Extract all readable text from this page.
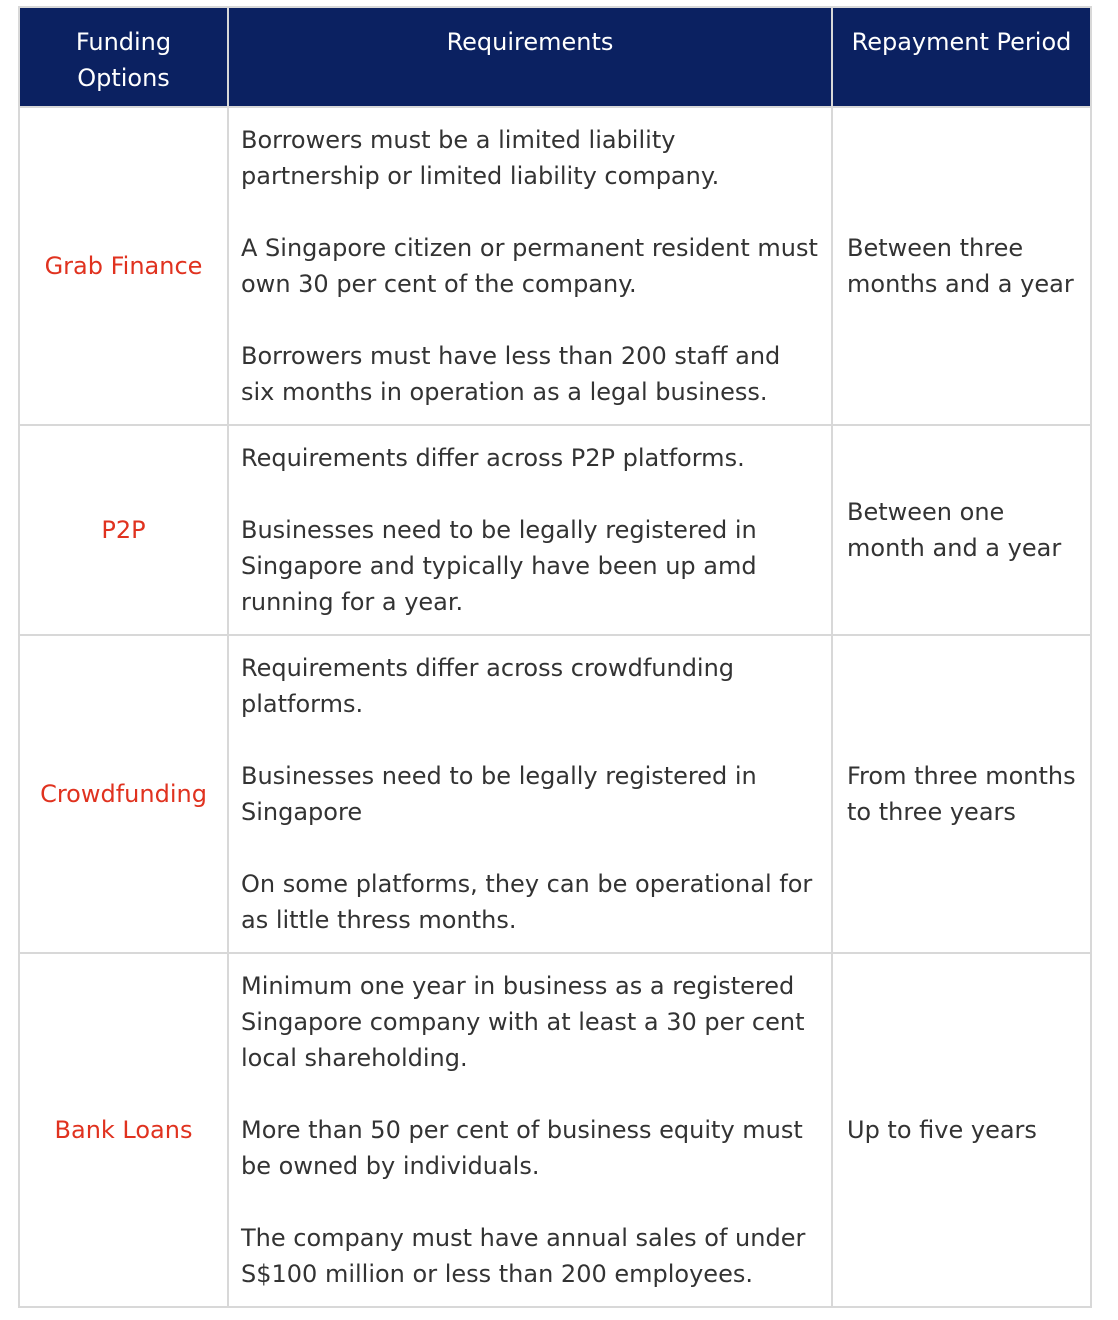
Funding Options	Requirements	Repayment Period
Grab Finance	Borrowers must be a limited liability partnership or limited liability company.

A Singapore citizen or permanent resident must own 30 per cent of the company.

Borrowers must have less than 200 staff and six months in operation as a legal business.	Between three months and a year
P2P	Requirements differ across P2P platforms.

Businesses need to be legally registered in Singapore and typically have been up amd running for a year.	Between one month and a year
Crowdfunding	Requirements differ across crowdfunding platforms.

Businesses need to be legally registered in Singapore

On some platforms, they can be operational for as little thress months.	From three months to three years
Bank Loans	Minimum one year in business as a registered Singapore company with at least a 30 per cent local shareholding.

More than 50 per cent of business equity must be owned by individuals.

The company must have annual sales of under S$100 million or less than 200 employees.	Up to five years
